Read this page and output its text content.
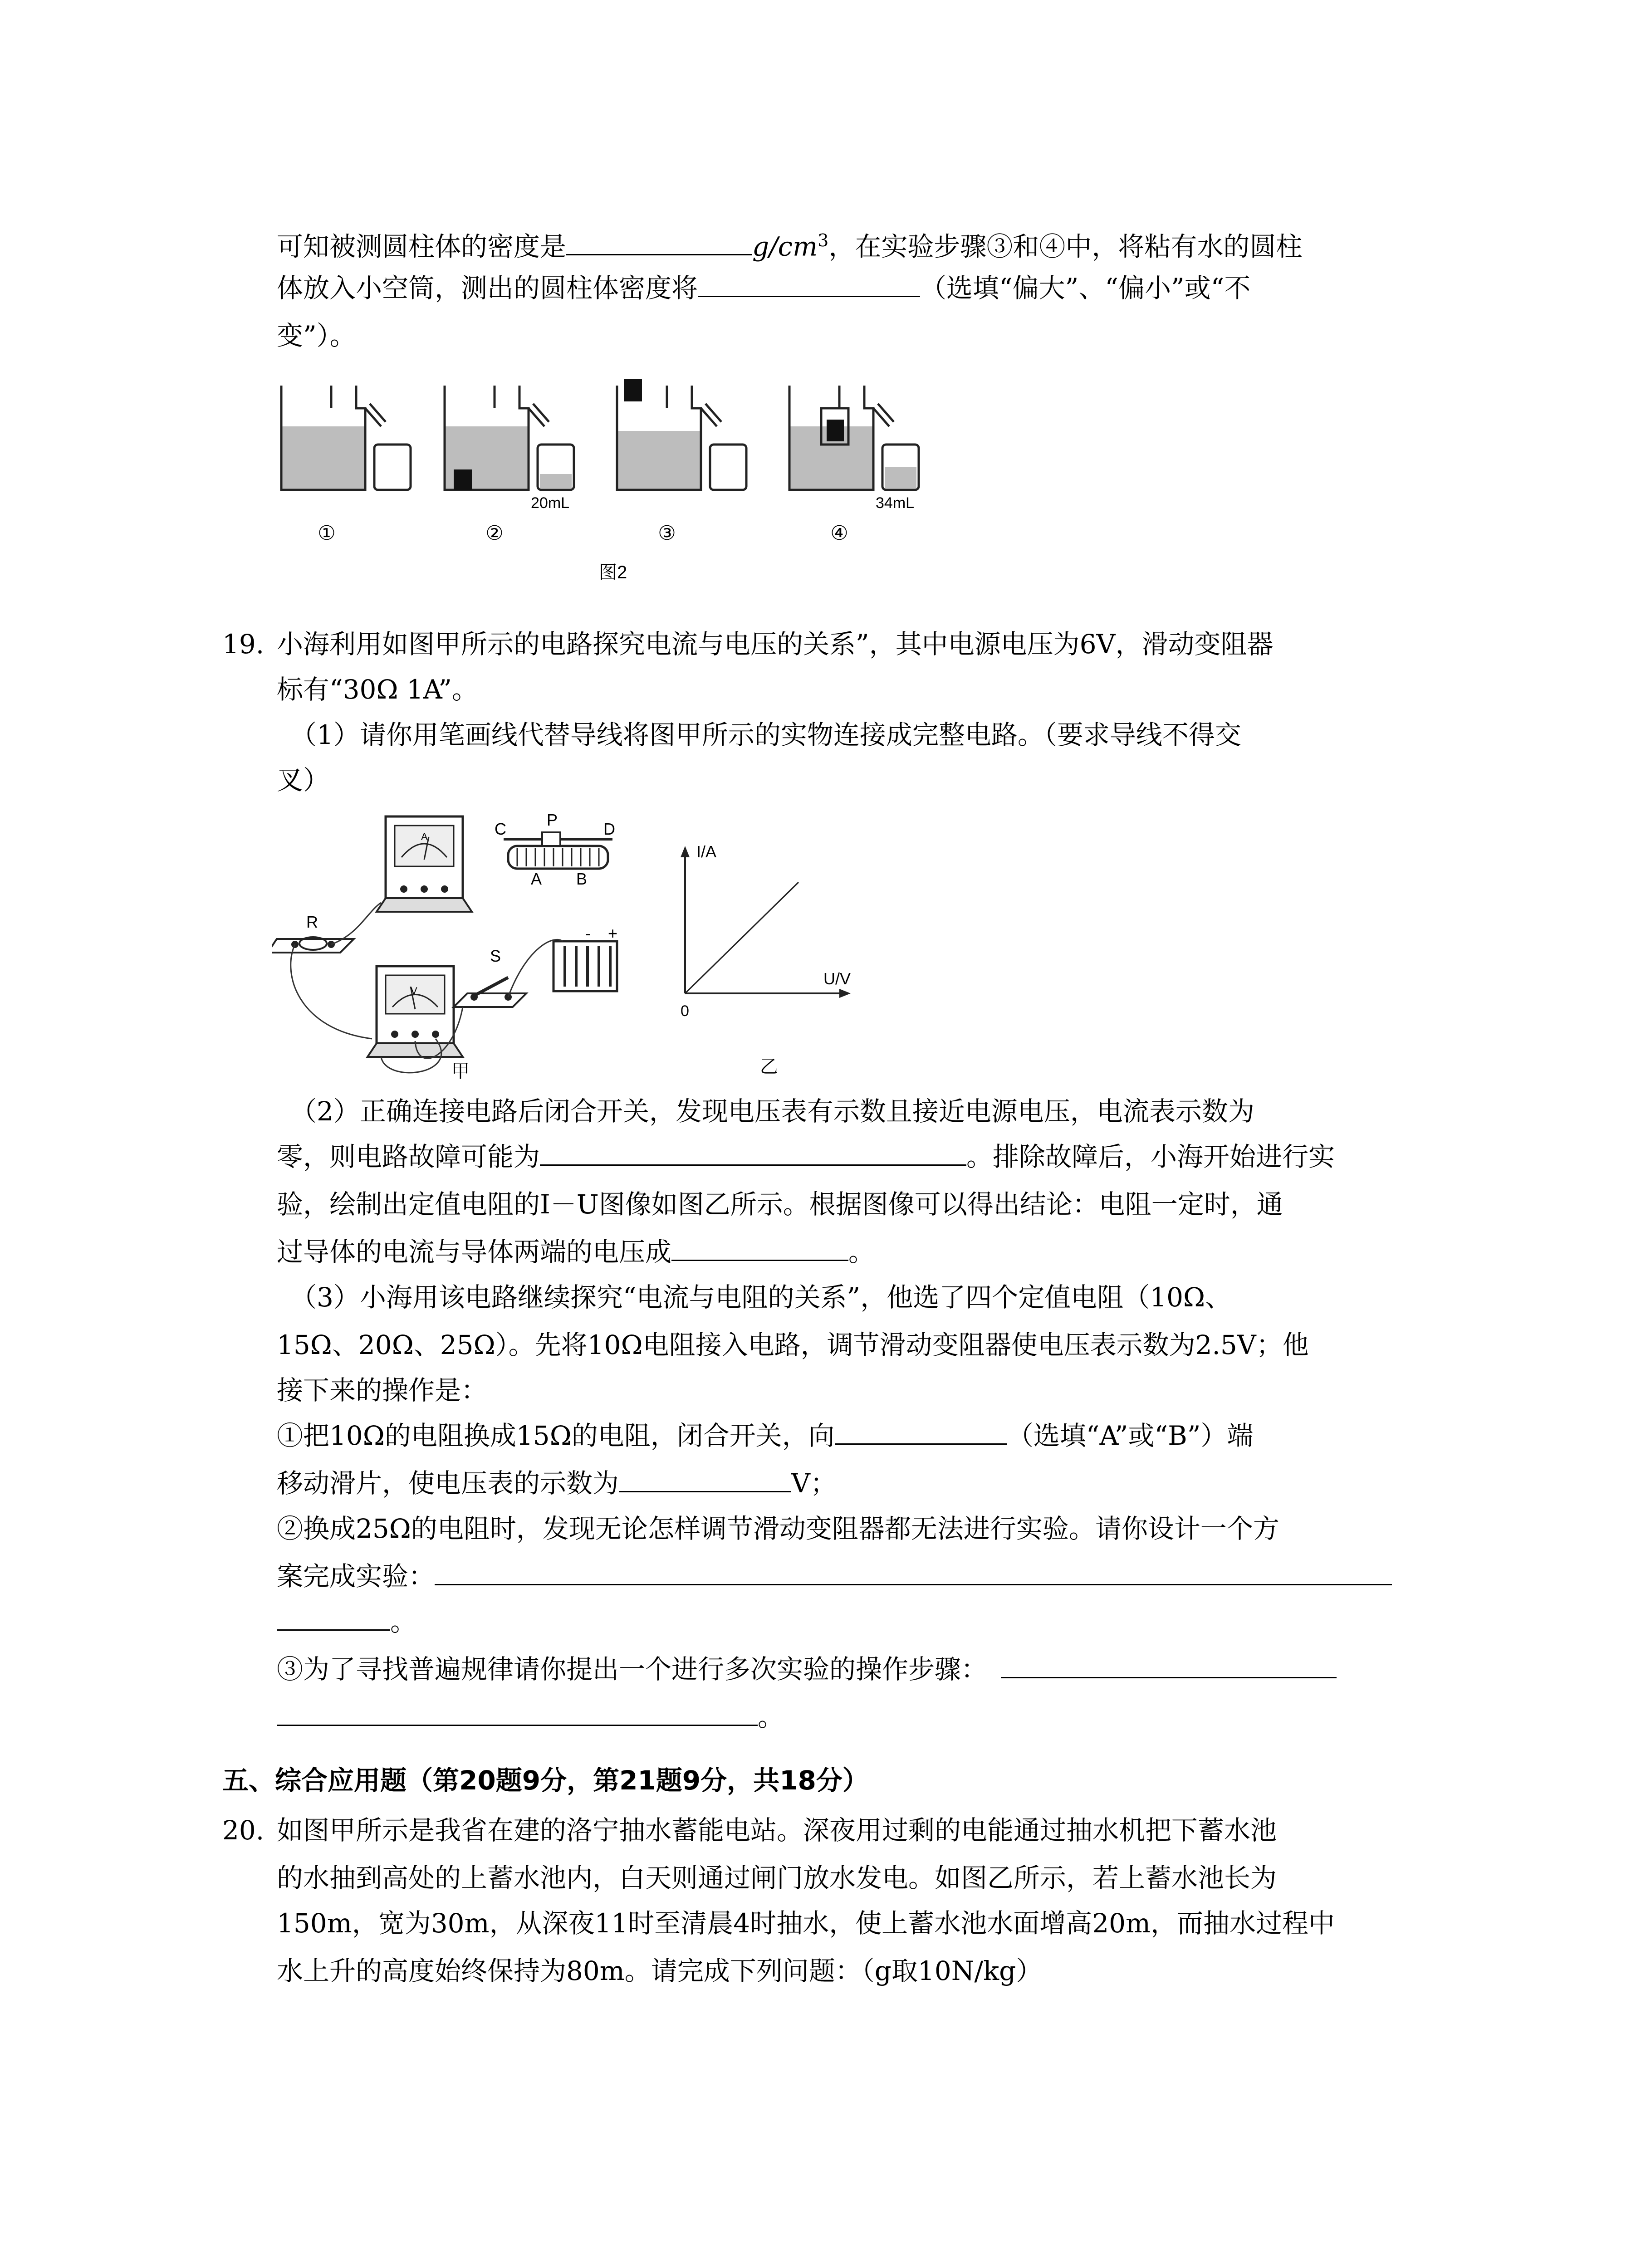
可知被测圆柱体的密度是	$g/cm^3$，在实验步骤③和④中，将粘有水的圆柱
体放入小空筒，测出的圆柱体密度将	（选填“偏大”、“偏小”或“不
变”）。
20mL	34mL
①	②	③	④
图2
19. 小海利用如图甲所示的电路探究电流与电压的关系”，其中电源电压为6V，滑动变阻器
标有“30Ω 1A”。
（1）请你用笔画线代替导线将图甲所示的实物连接成完整电路。（要求导线不得交
叉）
R
C P	D
A B
S
A
V
+
-
甲
I/A
U/V
0
乙
（2）正确连接电路后闭合开关，发现电压表有示数且接近电源电压，电流表示数为
零，则电路故障可能为	。排除故障后，小海开始进行实
验，绘制出定值电阻的I－U图像如图乙所示。根据图像可以得出结论：电阻一定时，通
过导体的电流与导体两端的电压成	。
（3）小海用该电路继续探究“电流与电阻的关系”，他选了四个定值电阻（10Ω、
15Ω、20Ω、25Ω）。先将10Ω电阻接入电路，调节滑动变阻器使电压表示数为2.5V；他
接下来的操作是：
①把10Ω的电阻换成15Ω的电阻，闭合开关，向	（选填“A”或“B”）端
移动滑片，使电压表的示数为	V；
②换成25Ω的电阻时，发现无论怎样调节滑动变阻器都无法进行实验。请你设计一个方
案完成实验：
。
③为了寻找普遍规律请你提出一个进行多次实验的操作步骤：
。
五、综合应用题（第20题9分，第21题9分，共18分）
20. 如图甲所示是我省在建的洛宁抽水蓄能电站。深夜用过剩的电能通过抽水机把下蓄水池
的水抽到高处的上蓄水池内，白天则通过闸门放水发电。如图乙所示，若上蓄水池长为
150m，宽为30m，从深夜11时至清晨4时抽水，使上蓄水池水面增高20m，而抽水过程中
水上升的高度始终保持为80m。请完成下列问题：（g取10N/kg）
